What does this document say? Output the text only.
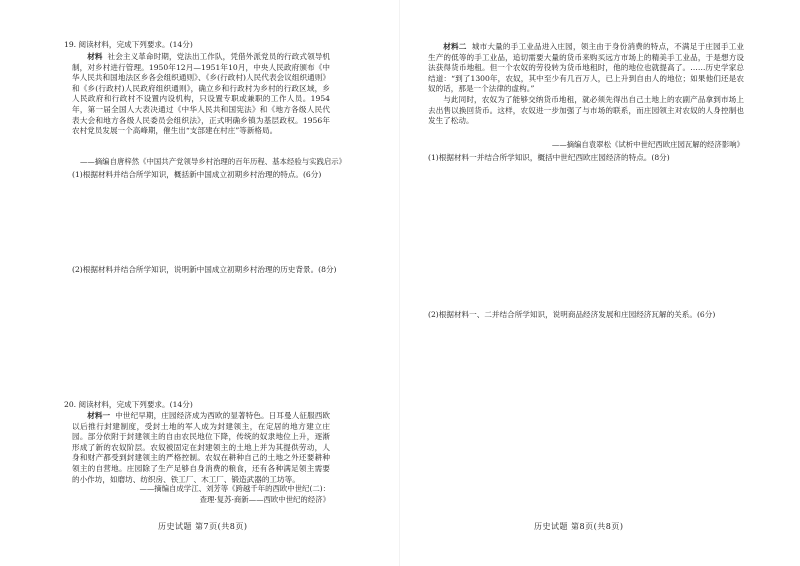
19. 阅读材料，完成下列要求。(14分)

材料 社会主义革命时期，党法出工作队，凭借外派党员的行政式领导机制，对乡村进行管理。1950年12月—1951年10月，中央人民政府颁布《中华人民共和国地法区乡各会组织通则》、《乡(行政村)人民代表会议组织通则》和《乡(行政村)人民政府组织通则》，确立乡和行政村为乡村的行政区域，乡人民政府和行政村不设置内设机构，只设置专职或兼职的工作人员。1954年，第一届全国人大表决通过《中华人民共和国宪法》和《地方各级人民代表大会和地方各级人民委员会组织法》，正式明确乡镇为基层政权。1956年农村党员发展一个高峰期，催生出“支部建在村庄”等新格局。

——摘编自唐梓然《中国共产党领导乡村治理的百年历程、基本经验与实践启示》
(1)根据材料并结合所学知识，概括新中国成立初期乡村治理的特点。(6分)
(2)根据材料并结合所学知识，说明新中国成立初期乡村治理的历史背景。(8分)
20. 阅读材料，完成下列要求。(14分)

材料一 中世纪早期，庄园经济成为西欧的显著特色。日耳曼人征服西欧以后推行封建制度，受封土地的军人成为封建领主，在定居的地方建立庄园。部分依附于封建领主的自由农民地位下降，传统的奴隶地位上升，逐渐形成了新的农奴阶层。农奴被固定在封建领主的土地上并为其提供劳动，人身和财产都受到封建领主的严格控制。农奴在耕种自己的土地之外还要耕种领主的自营地。庄园除了生产足够自身消费的粮食，还有各种满足领主需要的小作坊，如磨坊、纺织房、铁工厂、木工厂、锻造武器的工坊等。

——摘编自成学江、刘芳等《跨越千年的西欧中世纪(二)：
查理·复苏·商新——西欧中世纪的经济》
历史试题 第7页(共8页)

材料二 城市大量的手工业品进入庄园，领主由于身份消费的特点，不满足于庄园手工业生产的低等的手工业品，追切需要大量的货币来购买远方市场上的精美手工业品，于是想方设法获得货币地租。但一个农奴的劳役转为货币地租时，他的地位也就提高了。……历史学家总结道：“到了1300年，农奴，其中至少有几百万人，已上升到自由人的地位；如果他们还是农奴的话，那是一个法律的虚构。”

与此同时，农奴为了能够交纳货币地租，就必须先得出自己土地上的农副产品拿到市场上去出售以换回货币。这样，农奴进一步加强了与市场的联系，而庄园领主对农奴的人身控制也发生了松动。

——摘编自袁翠松《试析中世纪西欧庄园瓦解的经济影响》
(1)根据材料一并结合所学知识，概括中世纪西欧庄园经济的特点。(8分)
(2)根据材料一、二并结合所学知识，说明商品经济发展和庄园经济瓦解的关系。(6分)
历史试题 第8页(共8页)
